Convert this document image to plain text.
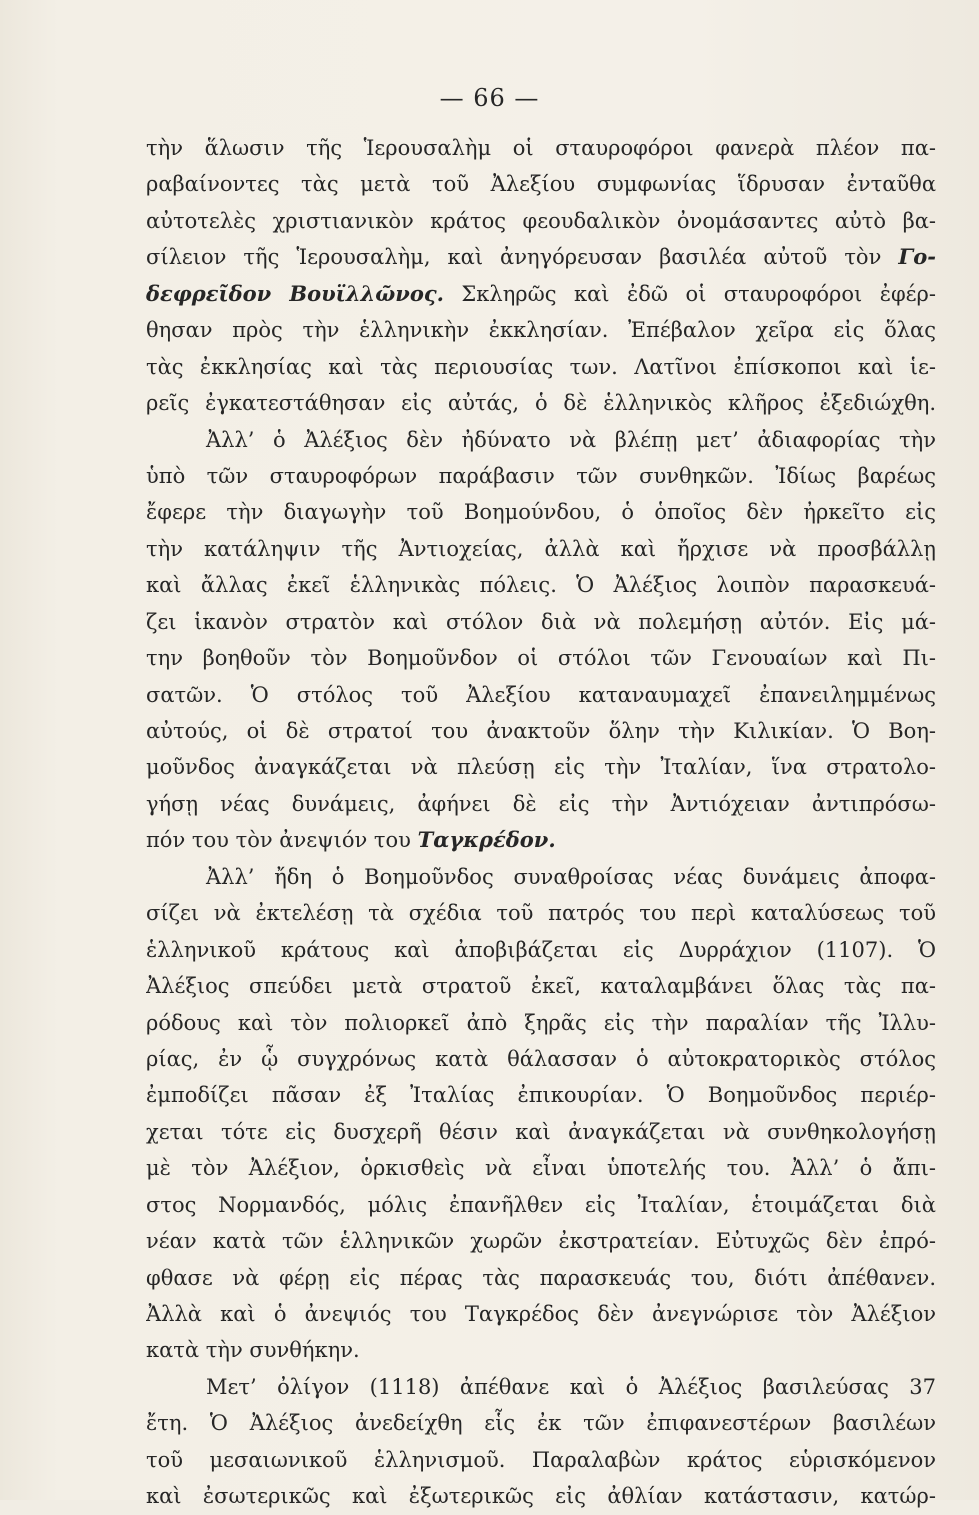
— 66 —
τὴν ἅλωσιν τῆς Ἱερουσαλὴμ οἱ σταυροφόροι φανερὰ πλέον πα-
ραβαίνοντες τὰς μετὰ τοῦ Ἀλεξίου συμφωνίας ἵδρυσαν ἐνταῦθα
αὐτοτελὲς χριστιανικὸν κράτος φεουδαλικὸν ὀνομάσαντες αὐτὸ βα-
σίλειον τῆς Ἱερουσαλὴμ, καὶ ἀνηγόρευσαν βασιλέα αὐτοῦ τὸν Γο-
δεφρεῖδον Βουϊλλῶνος. Σκληρῶς καὶ ἐδῶ οἱ σταυροφόροι ἐφέρ-
θησαν πρὸς τὴν ἑλληνικὴν ἐκκλησίαν. Ἐπέβαλον χεῖρα εἰς ὅλας
τὰς ἐκκλησίας καὶ τὰς περιουσίας των. Λατῖνοι ἐπίσκοποι καὶ ἱε-
ρεῖς ἐγκατεστάθησαν εἰς αὐτάς, ὁ δὲ ἑλληνικὸς κλῆρος ἐξεδιώχθη.
Ἀλλ’ ὁ Ἀλέξιος δὲν ἠδύνατο νὰ βλέπῃ μετ’ ἀδιαφορίας τὴν
ὑπὸ τῶν σταυροφόρων παράβασιν τῶν συνθηκῶν. Ἰδίως βαρέως
ἔφερε τὴν διαγωγὴν τοῦ Βοημούνδου, ὁ ὁποῖος δὲν ἠρκεῖτο εἰς
τὴν κατάληψιν τῆς Ἀντιοχείας, ἀλλὰ καὶ ἤρχισε νὰ προσβάλλῃ
καὶ ἄλλας ἐκεῖ ἑλληνικὰς πόλεις. Ὁ Ἀλέξιος λοιπὸν παρασκευά-
ζει ἱκανὸν στρατὸν καὶ στόλον διὰ νὰ πολεμήσῃ αὐτόν. Εἰς μά-
την βοηθοῦν τὸν Βοημοῦνδον οἱ στόλοι τῶν Γενουαίων καὶ Πι-
σατῶν. Ὁ στόλος τοῦ Ἀλεξίου καταναυμαχεῖ ἐπανειλημμένως
αὐτούς, οἱ δὲ στρατοί του ἀνακτοῦν ὅλην τὴν Κιλικίαν. Ὁ Βοη-
μοῦνδος ἀναγκάζεται νὰ πλεύσῃ εἰς τὴν Ἰταλίαν, ἵνα στρατολο-
γήσῃ νέας δυνάμεις, ἀφήνει δὲ εἰς τὴν Ἀντιόχειαν ἀντιπρόσω-
πόν του τὸν ἀνεψιόν του Ταγκρέδον.
Ἀλλ’ ἤδη ὁ Βοημοῦνδος συναθροίσας νέας δυνάμεις ἀποφα-
σίζει νὰ ἐκτελέσῃ τὰ σχέδια τοῦ πατρός του περὶ καταλύσεως τοῦ
ἑλληνικοῦ κράτους καὶ ἀποβιβάζεται εἰς Δυρράχιον (1107). Ὁ
Ἀλέξιος σπεύδει μετὰ στρατοῦ ἐκεῖ, καταλαμβάνει ὅλας τὰς πα-
ρόδους καὶ τὸν πολιορκεῖ ἀπὸ ξηρᾶς εἰς τὴν παραλίαν τῆς Ἰλλυ-
ρίας, ἐν ᾧ συγχρόνως κατὰ θάλασσαν ὁ αὐτοκρατορικὸς στόλος
ἐμποδίζει πᾶσαν ἐξ Ἰταλίας ἐπικουρίαν. Ὁ Βοημοῦνδος περιέρ-
χεται τότε εἰς δυσχερῆ θέσιν καὶ ἀναγκάζεται νὰ συνθηκολογήσῃ
μὲ τὸν Ἀλέξιον, ὁρκισθεὶς νὰ εἶναι ὑποτελής του. Ἀλλ’ ὁ ἄπι-
στος Νορμανδός, μόλις ἐπανῆλθεν εἰς Ἰταλίαν, ἑτοιμάζεται διὰ
νέαν κατὰ τῶν ἑλληνικῶν χωρῶν ἐκστρατείαν. Εὐτυχῶς δὲν ἐπρό-
φθασε νὰ φέρῃ εἰς πέρας τὰς παρασκευάς του, διότι ἀπέθανεν.
Ἀλλὰ καὶ ὁ ἀνεψιός του Ταγκρέδος δὲν ἀνεγνώρισε τὸν Ἀλέξιον
κατὰ τὴν συνθήκην.
Μετ’ ὀλίγον (1118) ἀπέθανε καὶ ὁ Ἀλέξιος βασιλεύσας 37
ἔτη. Ὁ Ἀλέξιος ἀνεδείχθη εἷς ἐκ τῶν ἐπιφανεστέρων βασιλέων
τοῦ μεσαιωνικοῦ ἑλληνισμοῦ. Παραλαβὼν κράτος εὑρισκόμενον
καὶ ἐσωτερικῶς καὶ ἐξωτερικῶς εἰς ἀθλίαν κατάστασιν, κατώρ-
